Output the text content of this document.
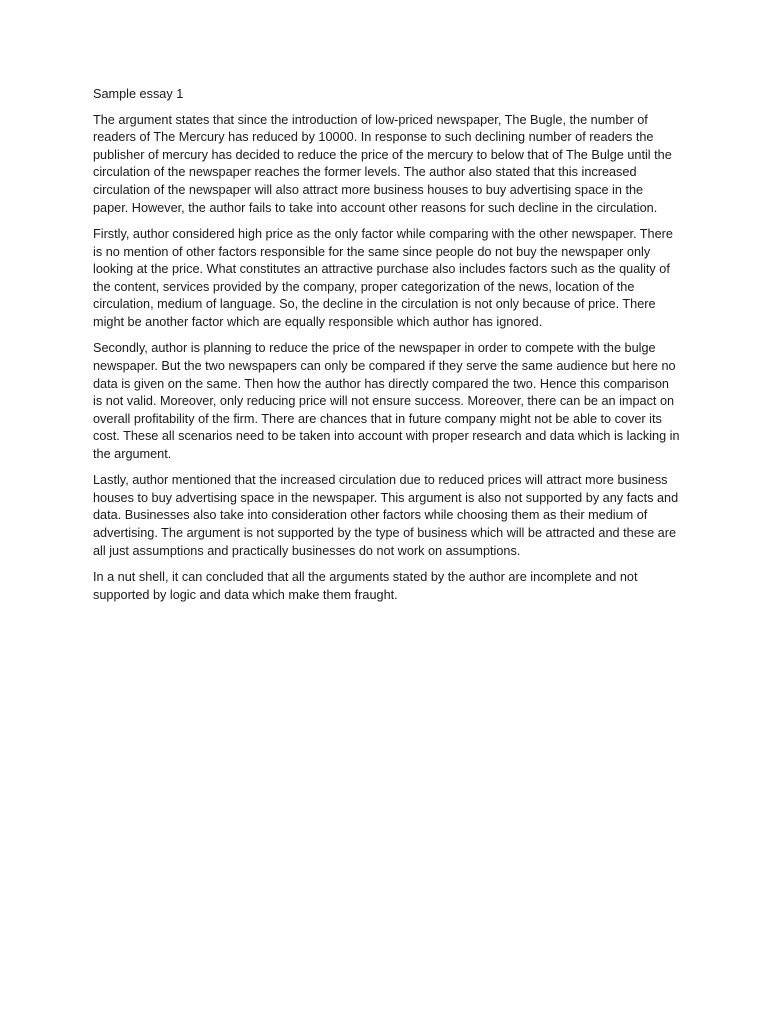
Sample essay 1

The argument states that since the introduction of low-priced newspaper, The Bugle, the number of readers of The Mercury has reduced by 10000. In response to such declining number of readers the publisher of mercury has decided to reduce the price of the mercury to below that of The Bulge until the circulation of the newspaper reaches the former levels. The author also stated that this increased circulation of the newspaper will also attract more business houses to buy advertising space in the paper. However, the author fails to take into account other reasons for such decline in the circulation.

Firstly, author considered high price as the only factor while comparing with the other newspaper. There is no mention of other factors responsible for the same since people do not buy the newspaper only looking at the price. What constitutes an attractive purchase also includes factors such as the quality of the content, services provided by the company, proper categorization of the news, location of the circulation, medium of language. So, the decline in the circulation is not only because of price. There might be another factor which are equally responsible which author has ignored.

Secondly, author is planning to reduce the price of the newspaper in order to compete with the bulge newspaper. But the two newspapers can only be compared if they serve the same audience but here no data is given on the same. Then how the author has directly compared the two. Hence this comparison is not valid. Moreover, only reducing price will not ensure success. Moreover, there can be an impact on overall profitability of the firm. There are chances that in future company might not be able to cover its cost. These all scenarios need to be taken into account with proper research and data which is lacking in the argument.

Lastly, author mentioned that the increased circulation due to reduced prices will attract more business houses to buy advertising space in the newspaper. This argument is also not supported by any facts and data. Businesses also take into consideration other factors while choosing them as their medium of advertising. The argument is not supported by the type of business which will be attracted and these are all just assumptions and practically businesses do not work on assumptions.

In a nut shell, it can concluded that all the arguments stated by the author are incomplete and not supported by logic and data which make them fraught.
